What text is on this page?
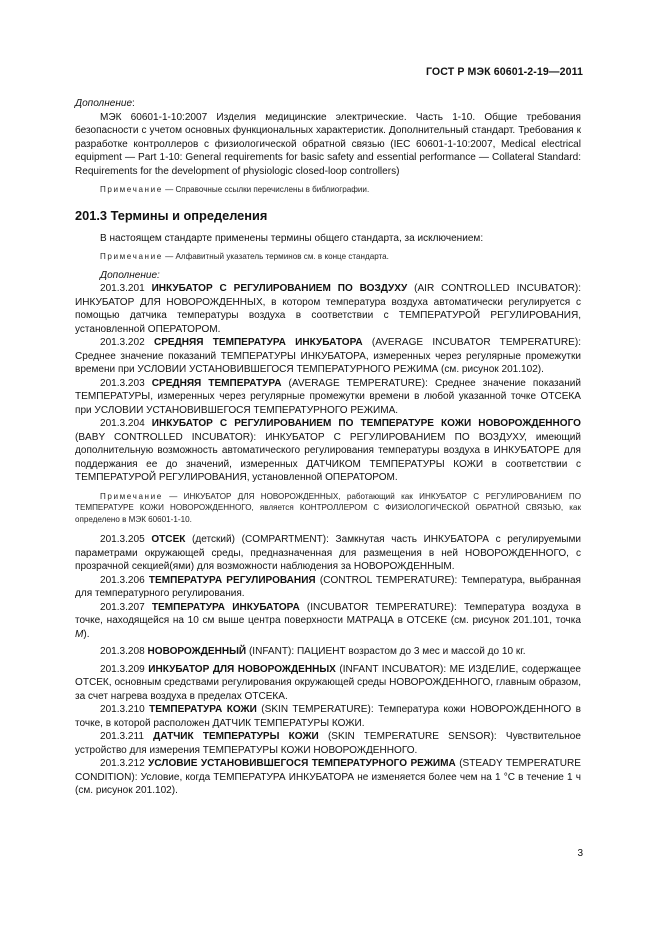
ГОСТ Р МЭК 60601-2-19—2011

Дополнение:

МЭК 60601-1-10:2007 Изделия медицинские электрические. Часть 1-10. Общие требования безопасности с учетом основных функциональных характеристик. Дополнительный стандарт. Требования к разработке контроллеров с физиологической обратной связью (IEC 60601-1-10:2007, Medical electrical equipment — Part 1-10: General requirements for basic safety and essential performance — Collateral Standard: Requirements for the development of physiologic closed-loop controllers)

Примечание — Справочные ссылки перечислены в библиографии.

201.3 Термины и определения

В настоящем стандарте применены термины общего стандарта, за исключением:

Примечание — Алфавитный указатель терминов см. в конце стандарта.

Дополнение:

201.3.201 ИНКУБАТОР С РЕГУЛИРОВАНИЕМ ПО ВОЗДУХУ (AIR CONTROLLED INCUBATOR): ИНКУБАТОР ДЛЯ НОВОРОЖДЕННЫХ, в котором температура воздуха автоматически регулируется с помощью датчика температуры воздуха в соответствии с ТЕМПЕРАТУРОЙ РЕГУЛИРОВАНИЯ, установленной ОПЕРАТОРОМ.

201.3.202 СРЕДНЯЯ ТЕМПЕРАТУРА ИНКУБАТОРА (AVERAGE INCUBATOR TEMPERATURE): Среднее значение показаний ТЕМПЕРАТУРЫ ИНКУБАТОРА, измеренных через регулярные промежутки времени при УСЛОВИИ УСТАНОВИВШЕГОСЯ ТЕМПЕРАТУРНОГО РЕЖИМА (см. рисунок 201.102).

201.3.203 СРЕДНЯЯ ТЕМПЕРАТУРА (AVERAGE TEMPERATURE): Среднее значение показаний ТЕМПЕРАТУРЫ, измеренных через регулярные промежутки времени в любой указанной точке ОТСЕКА при УСЛОВИИ УСТАНОВИВШЕГОСЯ ТЕМПЕРАТУРНОГО РЕЖИМА.

201.3.204 ИНКУБАТОР С РЕГУЛИРОВАНИЕМ ПО ТЕМПЕРАТУРЕ КОЖИ НОВОРОЖДЕННОГО (BABY CONTROLLED INCUBATOR): ИНКУБАТОР С РЕГУЛИРОВАНИЕМ ПО ВОЗДУХУ, имеющий дополнительную возможность автоматического регулирования температуры воздуха в ИНКУБАТОРЕ для поддержания ее до значений, измеренных ДАТЧИКОМ ТЕМПЕРАТУРЫ КОЖИ в соответствии с ТЕМПЕРАТУРОЙ РЕГУЛИРОВАНИЯ, установленной ОПЕРАТОРОМ.

Примечание — ИНКУБАТОР ДЛЯ НОВОРОЖДЕННЫХ, работающий как ИНКУБАТОР С РЕГУЛИРОВАНИЕМ ПО ТЕМПЕРАТУРЕ КОЖИ НОВОРОЖДЕННОГО, является КОНТРОЛЛЕРОМ С ФИЗИОЛОГИЧЕСКОЙ ОБРАТНОЙ СВЯЗЬЮ, как определено в МЭК 60601-1-10.

201.3.205 ОТСЕК (детский) (COMPARTMENT): Замкнутая часть ИНКУБАТОРА с регулируемыми параметрами окружающей среды, предназначенная для размещения в ней НОВОРОЖДЕННОГО, с прозрачной секцией(ями) для возможности наблюдения за НОВОРОЖДЕННЫМ.

201.3.206 ТЕМПЕРАТУРА РЕГУЛИРОВАНИЯ (CONTROL TEMPERATURE): Температура, выбранная для температурного регулирования.

201.3.207 ТЕМПЕРАТУРА ИНКУБАТОРА (INCUBATOR TEMPERATURE): Температура воздуха в точке, находящейся на 10 см выше центра поверхности МАТРАЦА в ОТСЕКЕ (см. рисунок 201.101, точка M).

201.3.208 НОВОРОЖДЕННЫЙ (INFANT): ПАЦИЕНТ возрастом до 3 мес и массой до 10 кг.

201.3.209 ИНКУБАТОР ДЛЯ НОВОРОЖДЕННЫХ (INFANT INCUBATOR): МЕ ИЗДЕЛИЕ, содержащее ОТСЕК, основным средствами регулирования окружающей среды НОВОРОЖДЕННОГО, главным образом, за счет нагрева воздуха в пределах ОТСЕКА.

201.3.210 ТЕМПЕРАТУРА КОЖИ (SKIN TEMPERATURE): Температура кожи НОВОРОЖДЕННОГО в точке, в которой расположен ДАТЧИК ТЕМПЕРАТУРЫ КОЖИ.

201.3.211 ДАТЧИК ТЕМПЕРАТУРЫ КОЖИ (SKIN TEMPERATURE SENSOR): Чувствительное устройство для измерения ТЕМПЕРАТУРЫ КОЖИ НОВОРОЖДЕННОГО.

201.3.212 УСЛОВИЕ УСТАНОВИВШЕГОСЯ ТЕМПЕРАТУРНОГО РЕЖИМА (STEADY TEMPERATURE CONDITION): Условие, когда ТЕМПЕРАТУРА ИНКУБАТОРА не изменяется более чем на 1 °С в течение 1 ч (см. рисунок 201.102).

3
